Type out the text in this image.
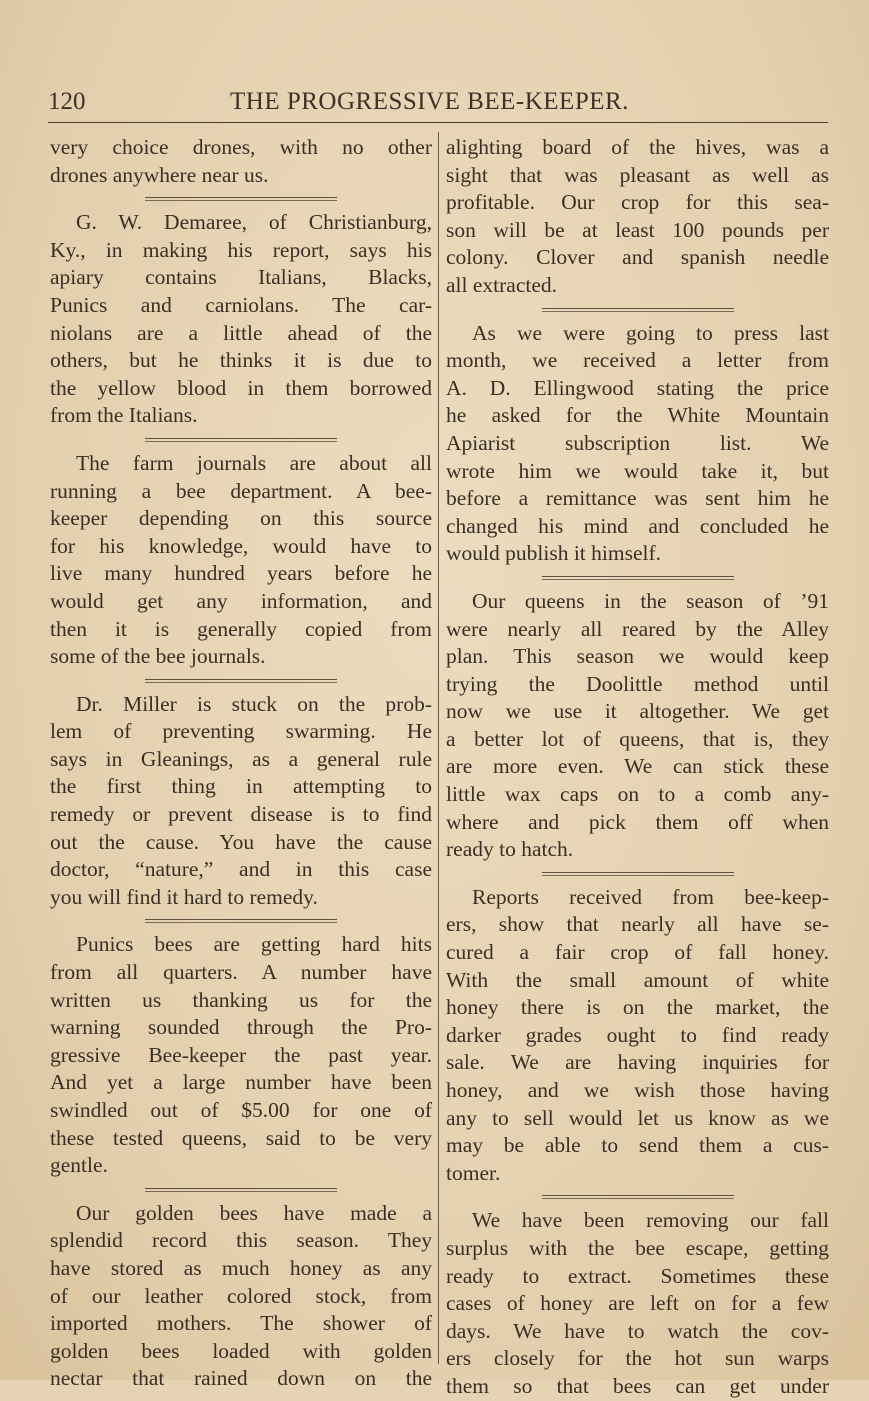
120	THE PROGRESSIVE BEE-KEEPER.
very choice drones, with no other
drones anywhere near us.
G. W. Demaree, of Christianburg,
Ky., in making his report, says his
apiary contains Italians, Blacks,
Punics and carniolans. The car-
niolans are a little ahead of the
others, but he thinks it is due to
the yellow blood in them borrowed
from the Italians.
The farm journals are about all
running a bee department. A bee-
keeper depending on this source
for his knowledge, would have to
live many hundred years before he
would get any information, and
then it is generally copied from
some of the bee journals.
Dr. Miller is stuck on the prob-
lem of preventing swarming. He
says in Gleanings, as a general rule
the first thing in attempting to
remedy or prevent disease is to find
out the cause. You have the cause
doctor, “nature,” and in this case
you will find it hard to remedy.
Punics bees are getting hard hits
from all quarters. A number have
written us thanking us for the
warning sounded through the Pro-
gressive Bee-keeper the past year.
And yet a large number have been
swindled out of $5.00 for one of
these tested queens, said to be very
gentle.
Our golden bees have made a
splendid record this season. They
have stored as much honey as any
of our leather colored stock, from
imported mothers. The shower of
golden bees loaded with golden
nectar that rained down on the
alighting board of the hives, was a
sight that was pleasant as well as
profitable. Our crop for this sea-
son will be at least 100 pounds per
colony. Clover and spanish needle
all extracted.
As we were going to press last
month, we received a letter from
A. D. Ellingwood stating the price
he asked for the White Mountain
Apiarist subscription list. We
wrote him we would take it, but
before a remittance was sent him he
changed his mind and concluded he
would publish it himself.
Our queens in the season of ’91
were nearly all reared by the Alley
plan. This season we would keep
trying the Doolittle method until
now we use it altogether. We get
a better lot of queens, that is, they
are more even. We can stick these
little wax caps on to a comb any-
where and pick them off when
ready to hatch.
Reports received from bee-keep-
ers, show that nearly all have se-
cured a fair crop of fall honey.
With the small amount of white
honey there is on the market, the
darker grades ought to find ready
sale. We are having inquiries for
honey, and we wish those having
any to sell would let us know as we
may be able to send them a cus-
tomer.
We have been removing our fall
surplus with the bee escape, getting
ready to extract. Sometimes these
cases of honey are left on for a few
days. We have to watch the cov-
ers closely for the hot sun warps
them so that bees can get under
